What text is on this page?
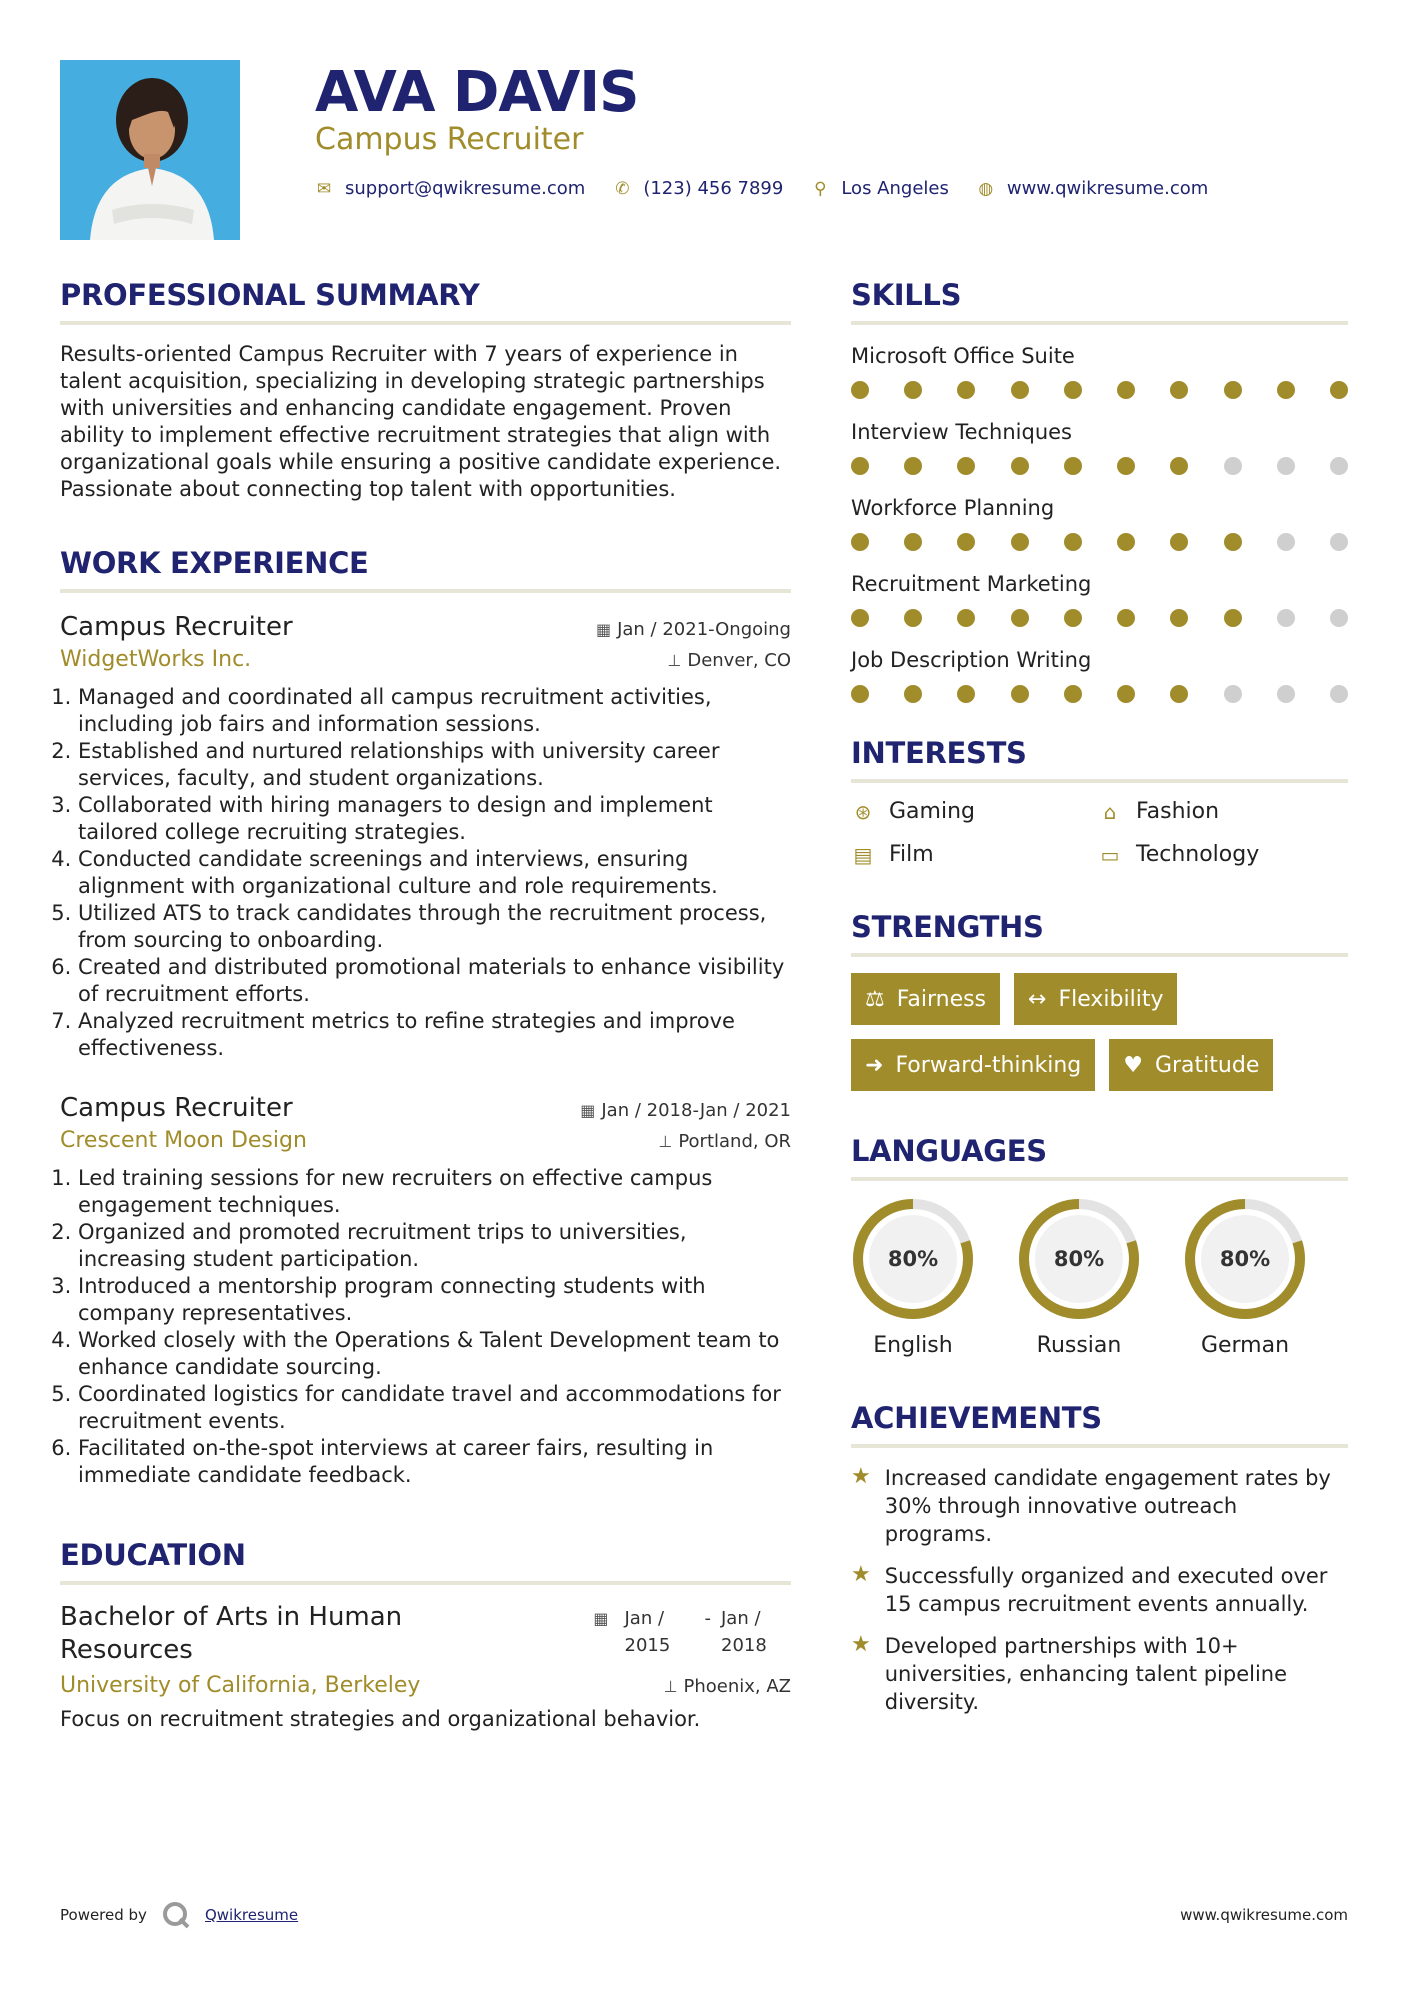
AVA DAVIS
Campus Recruiter
✉ support@qwikresume.com ✆ (123) 456 7899 ⚲ Los Angeles ◍ www.qwikresume.com
PROFESSIONAL SUMMARY

Results-oriented Campus Recruiter with 7 years of experience in talent acquisition, specializing in developing strategic partnerships with universities and enhancing candidate engagement. Proven ability to implement effective recruitment strategies that align with organizational goals while ensuring a positive candidate experience. Passionate about connecting top talent with opportunities.

WORK EXPERIENCE
Campus Recruiter	▦ Jan / 2021-Ongoing
WidgetWorks Inc.	⊥ Denver, CO
1. Managed and coordinated all campus recruitment activities, including job fairs and information sessions.
2. Established and nurtured relationships with university career services, faculty, and student organizations.
3. Collaborated with hiring managers to design and implement tailored college recruiting strategies.
4. Conducted candidate screenings and interviews, ensuring alignment with organizational culture and role requirements.
5. Utilized ATS to track candidates through the recruitment process, from sourcing to onboarding.
6. Created and distributed promotional materials to enhance visibility of recruitment efforts.
7. Analyzed recruitment metrics to refine strategies and improve effectiveness.
Campus Recruiter	▦ Jan / 2018-Jan / 2021
Crescent Moon Design	⊥ Portland, OR
1. Led training sessions for new recruiters on effective campus engagement techniques.
2. Organized and promoted recruitment trips to universities, increasing student participation.
3. Introduced a mentorship program connecting students with company representatives.
4. Worked closely with the Operations & Talent Development team to enhance candidate sourcing.
5. Coordinated logistics for candidate travel and accommodations for recruitment events.
6. Facilitated on-the-spot interviews at career fairs, resulting in immediate candidate feedback.
EDUCATION
Bachelor of Arts in Human Resources
▦ Jan / 2015
- Jan / 2018
University of California, Berkeley	⊥ Phoenix, AZ
Focus on recruitment strategies and organizational behavior.
SKILLS
Microsoft Office Suite
Interview Techniques
Workforce Planning
Recruitment Marketing
Job Description Writing
INTERESTS
⊛ Gaming	⌂ Fashion
▤ Film	▭ Technology
STRENGTHS
⚖ Fairness ↔ Flexibility
➜ Forward-thinking ♥ Gratitude
LANGUAGES
80%
English
80%
Russian
80%
German
ACHIEVEMENTS
★ Increased candidate engagement rates by 30% through innovative outreach programs.
★ Successfully organized and executed over 15 campus recruitment events annually.
★ Developed partnerships with 10+ universities, enhancing talent pipeline diversity.
Powered by	Qwikresume	www.qwikresume.com
